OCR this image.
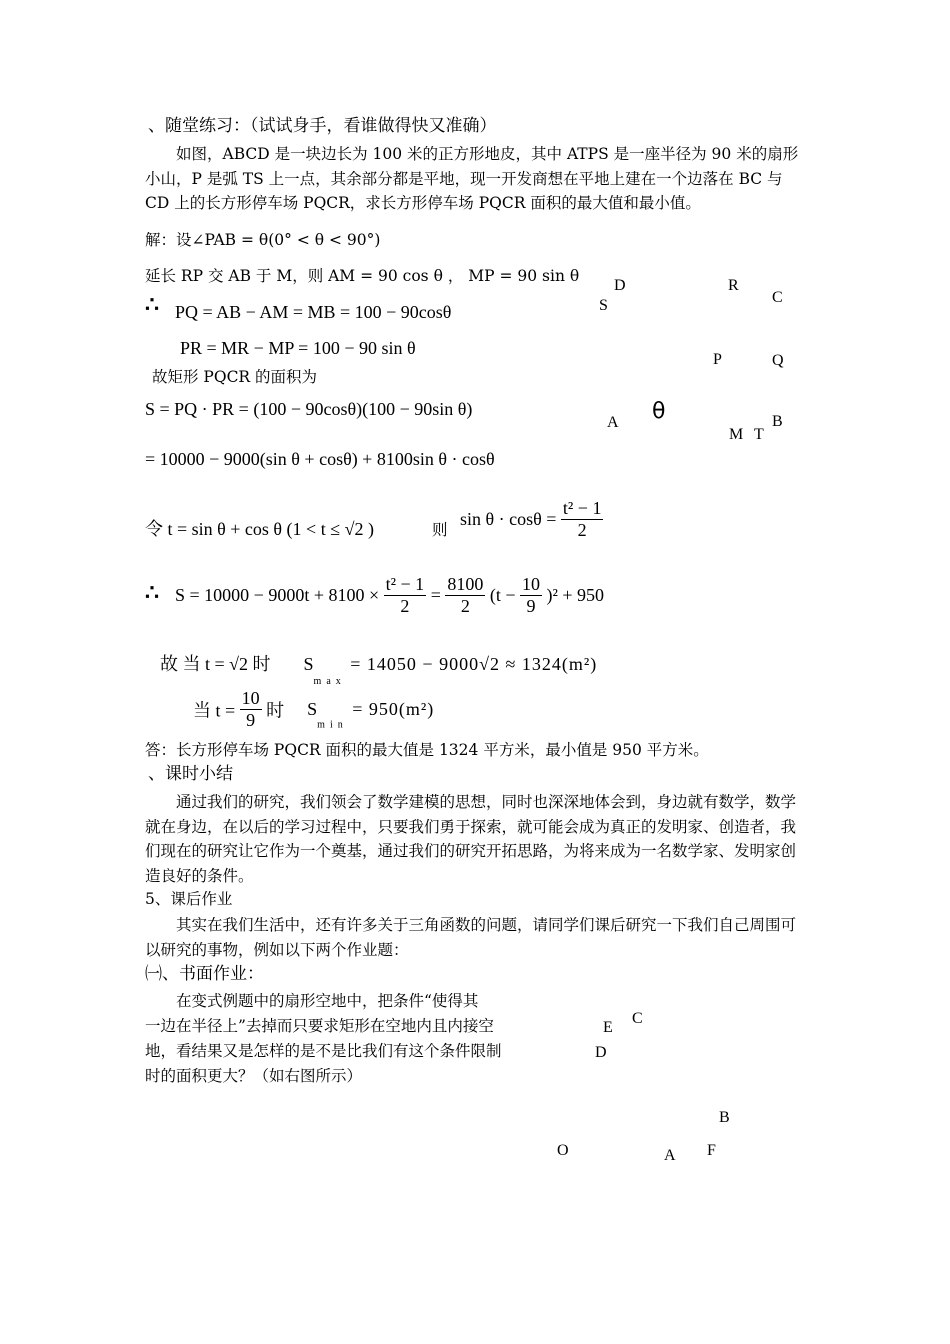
、随堂练习：（试试身手，看谁做得快又准确）
如图，ABCD 是一块边长为 100 米的正方形地皮，其中 ATPS 是一座半径为 90 米的扇形小山，P 是弧 TS 上一点，其余部分都是平地，现一开发商想在平地上建在一个边落在 BC 与 CD 上的长方形停车场 PQCR，求长方形停车场 PQCR 面积的最大值和最小值。
解：设∠PAB = θ(0° < θ < 90°)
延长 RP 交 AB 于 M，则 AM = 90 cos θ ， MP = 90 sin θ
∴ PQ = AB − AM = MB = 100 − 90cosθ
PR = MR − MP = 100 − 90 sin θ
故矩形 PQCR 的面积为
S = PQ · PR = (100 − 90cosθ)(100 − 90sin θ)
= 10000 − 9000(sin θ + cosθ) + 8100sin θ · cosθ
令 t = sin θ + cos θ (1 < t ≤ √2 )	则
$\sin \theta \cdot \cos\theta = \frac{\text{t² − 1}}{2}$
∴ $S = 10000 - 9000t + 8100 \times \frac{\text{t² − 1}}{2} = \frac{8100}{2} (t - \frac{10}{9} )^2 + 950$
故 当 t = √2 时 $S_{max} = 14050 - 9000√2 \approx 1324(m^2)$
当 $t = \frac{10}{9}$ 时 $S_{min} = 950(m^2)$
答：长方形停车场 PQCR 面积的最大值是 1324 平方米，最小值是 950 平方米。
、课时小结
通过我们的研究，我们领会了数学建模的思想，同时也深深地体会到，身边就有数学，数学就在身边，在以后的学习过程中，只要我们勇于探索，就可能会成为真正的发明家、创造者，我们现在的研究让它作为一个奠基，通过我们的研究开拓思路，为将来成为一名数学家、发明家创造良好的条件。
5、课后作业
其实在我们生活中，还有许多关于三角函数的问题，请同学们课后研究一下我们自己周围可以研究的事物，例如以下两个作业题：
㈠、书面作业：
在变式例题中的扇形空地中，把条件“使得其
一边在半径上”去掉而只要求矩形在空地内且内接空
地，看结果又是怎样的是不是比我们有这个条件限制
时的面积更大？（如右图所示）
D	R
C
S
P	Q
A θ	B
M T
E
C
D
B
O	A F
